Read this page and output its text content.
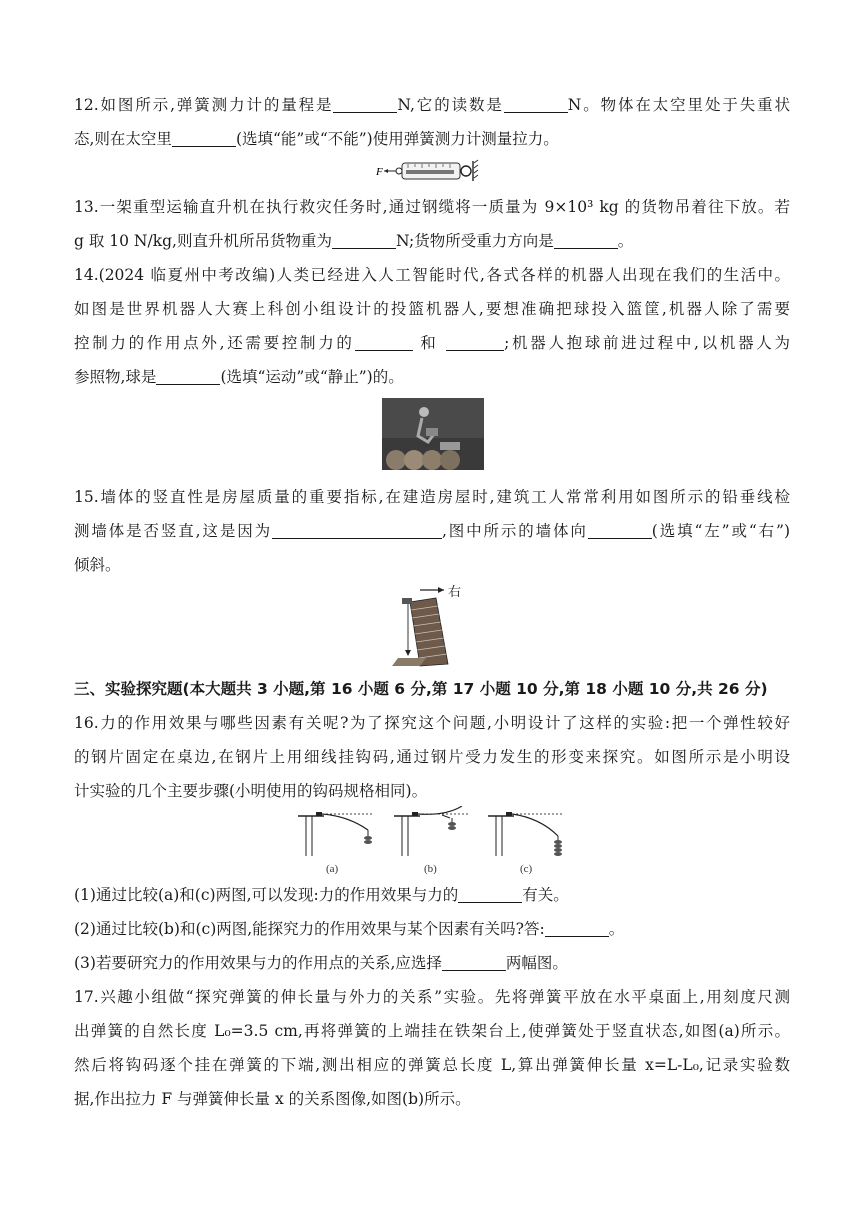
12.如图所示,弹簧测力计的量程是	N,它的读数是	N。物体在太空里处于失重状
态,则在太空里	(选填“能”或“不能”)使用弹簧测力计测量拉力。
F
13.一架重型运输直升机在执行救灾任务时,通过钢缆将一质量为 9×10³ kg 的货物吊着往下放。若
g 取 10 N/kg,则直升机所吊货物重为	N;货物所受重力方向是	。
14.(2024 临夏州中考改编)人类已经进入人工智能时代,各式各样的机器人出现在我们的生活中。
如图是世界机器人大赛上科创小组设计的投篮机器人,要想准确把球投入篮筐,机器人除了需要
控制力的作用点外,还需要控制力的	和	;机器人抱球前进过程中,以机器人为
参照物,球是	(选填“运动”或“静止”)的。
15.墙体的竖直性是房屋质量的重要指标,在建造房屋时,建筑工人常常利用如图所示的铅垂线检
测墙体是否竖直,这是因为	,图中所示的墙体向	(选填“左”或“右”)
倾斜。
右
三、实验探究题(本大题共 3 小题,第 16 小题 6 分,第 17 小题 10 分,第 18 小题 10 分,共 26 分)
16.力的作用效果与哪些因素有关呢?为了探究这个问题,小明设计了这样的实验:把一个弹性较好
的钢片固定在桌边,在钢片上用细线挂钩码,通过钢片受力发生的形变来探究。如图所示是小明设
计实验的几个主要步骤(小明使用的钩码规格相同)。
(a)	(b)	(c)
(1)通过比较(a)和(c)两图,可以发现:力的作用效果与力的	有关。
(2)通过比较(b)和(c)两图,能探究力的作用效果与某个因素有关吗?答:	。
(3)若要研究力的作用效果与力的作用点的关系,应选择	两幅图。
17.兴趣小组做“探究弹簧的伸长量与外力的关系”实验。先将弹簧平放在水平桌面上,用刻度尺测
出弹簧的自然长度 L₀=3.5 cm,再将弹簧的上端挂在铁架台上,使弹簧处于竖直状态,如图(a)所示。
然后将钩码逐个挂在弹簧的下端,测出相应的弹簧总长度 L,算出弹簧伸长量 x=L-L₀,记录实验数
据,作出拉力 F 与弹簧伸长量 x 的关系图像,如图(b)所示。
